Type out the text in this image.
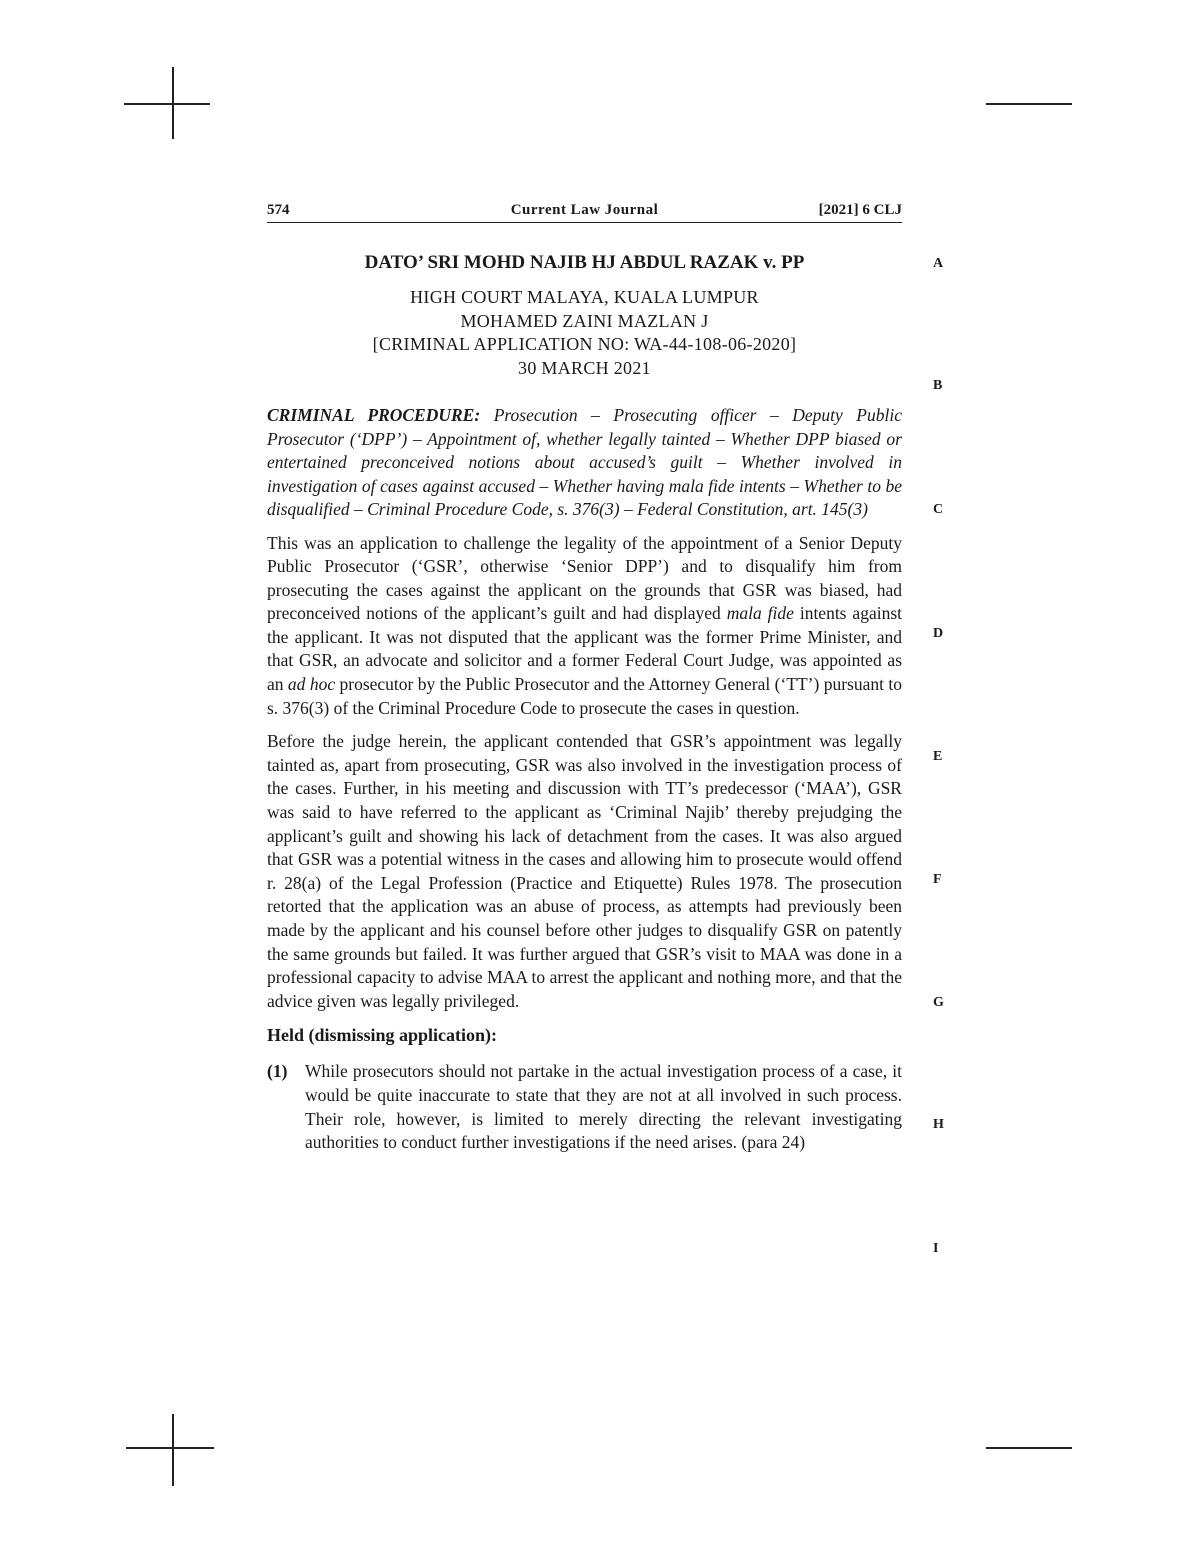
574	Current Law Journal	[2021] 6 CLJ
DATO’ SRI MOHD NAJIB HJ ABDUL RAZAK v. PP
HIGH COURT MALAYA, KUALA LUMPUR
MOHAMED ZAINI MAZLAN J
[CRIMINAL APPLICATION NO: WA-44-108-06-2020]
30 MARCH 2021
CRIMINAL PROCEDURE: Prosecution – Prosecuting officer – Deputy Public Prosecutor (‘DPP’) – Appointment of, whether legally tainted – Whether DPP biased or entertained preconceived notions about accused’s guilt – Whether involved in investigation of cases against accused – Whether having mala fide intents – Whether to be disqualified – Criminal Procedure Code, s. 376(3) – Federal Constitution, art. 145(3)

This was an application to challenge the legality of the appointment of a Senior Deputy Public Prosecutor (‘GSR’, otherwise ‘Senior DPP’) and to disqualify him from prosecuting the cases against the applicant on the grounds that GSR was biased, had preconceived notions of the applicant’s guilt and had displayed mala fide intents against the applicant. It was not disputed that the applicant was the former Prime Minister, and that GSR, an advocate and solicitor and a former Federal Court Judge, was appointed as an ad hoc prosecutor by the Public Prosecutor and the Attorney General (‘TT’) pursuant to s. 376(3) of the Criminal Procedure Code to prosecute the cases in question.

Before the judge herein, the applicant contended that GSR’s appointment was legally tainted as, apart from prosecuting, GSR was also involved in the investigation process of the cases. Further, in his meeting and discussion with TT’s predecessor (‘MAA’), GSR was said to have referred to the applicant as ‘Criminal Najib’ thereby prejudging the applicant’s guilt and showing his lack of detachment from the cases. It was also argued that GSR was a potential witness in the cases and allowing him to prosecute would offend r. 28(a) of the Legal Profession (Practice and Etiquette) Rules 1978. The prosecution retorted that the application was an abuse of process, as attempts had previously been made by the applicant and his counsel before other judges to disqualify GSR on patently the same grounds but failed. It was further argued that GSR’s visit to MAA was done in a professional capacity to advise MAA to arrest the applicant and nothing more, and that the advice given was legally privileged.

Held (dismissing application):
(1)	While prosecutors should not partake in the actual investigation process of a case, it would be quite inaccurate to state that they are not at all involved in such process. Their role, however, is limited to merely directing the relevant investigating authorities to conduct further investigations if the need arises. (para 24)
A
B
C
D
E
F
G
H
I
